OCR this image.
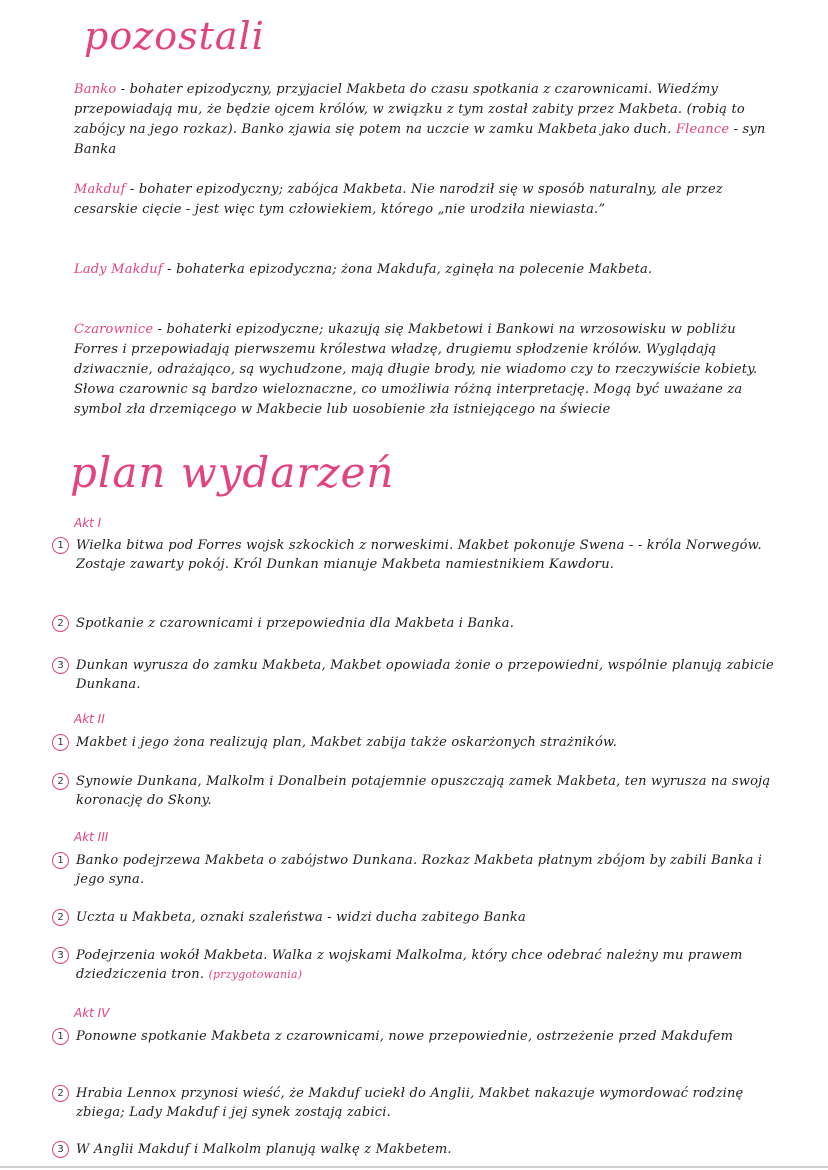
pozostali

Banko - bohater epizodyczny, przyjaciel Makbeta do czasu spotkania z czarownicami. Wiedźmy przepowiadają mu, że będzie ojcem królów, w związku z tym został zabity przez Makbeta. (robią to zabójcy na jego rozkaz). Banko zjawia się potem na uczcie w zamku Makbeta jako duch. Fleance - syn Banka

Makduf - bohater epizodyczny; zabójca Makbeta. Nie narodził się w sposób naturalny, ale przez cesarskie cięcie - jest więc tym człowiekiem, którego „nie urodziła niewiasta.”

Lady Makduf - bohaterka epizodyczna; żona Makdufa, zginęła na polecenie Makbeta.

Czarownice - bohaterki epizodyczne; ukazują się Makbetowi i Bankowi na wrzosowisku w pobliżu Forres i przepowiadają pierwszemu królestwa władzę, drugiemu spłodzenie królów. Wyglądają dziwacznie, odrażająco, są wychudzone, mają długie brody, nie wiadomo czy to rzeczywiście kobiety. Słowa czarownic są bardzo wieloznaczne, co umożliwia różną interpretację. Mogą być uważane za symbol zła drzemiącego w Makbecie lub uosobienie zła istniejącego na świecie

plan wydarzeń
Akt I
1 Wielka bitwa pod Forres wojsk szkockich z norweskimi. Makbet pokonuje Swena - - króla Norwegów. Zostaje zawarty pokój. Król Dunkan mianuje Makbeta namiestnikiem Kawdoru.
2 Spotkanie z czarownicami i przepowiednia dla Makbeta i Banka.
3 Dunkan wyrusza do zamku Makbeta, Makbet opowiada żonie o przepowiedni, wspólnie planują zabicie Dunkana.
Akt II
1 Makbet i jego żona realizują plan, Makbet zabija także oskarżonych strażników.
2 Synowie Dunkana, Malkolm i Donalbein potajemnie opuszczają zamek Makbeta, ten wyrusza na swoją koronację do Skony.
Akt III
1 Banko podejrzewa Makbeta o zabójstwo Dunkana. Rozkaz Makbeta płatnym zbójom by zabili Banka i jego syna.
2 Uczta u Makbeta, oznaki szaleństwa - widzi ducha zabitego Banka
3 Podejrzenia wokół Makbeta. Walka z wojskami Malkolma, który chce odebrać należny mu prawem dziedziczenia tron. (przygotowania)
Akt IV
1 Ponowne spotkanie Makbeta z czarownicami, nowe przepowiednie, ostrzeżenie przed Makdufem
2 Hrabia Lennox przynosi wieść, że Makduf uciekł do Anglii, Makbet nakazuje wymordować rodzinę zbiega; Lady Makduf i jej synek zostają zabici.
3 W Anglii Makduf i Malkolm planują walkę z Makbetem.
